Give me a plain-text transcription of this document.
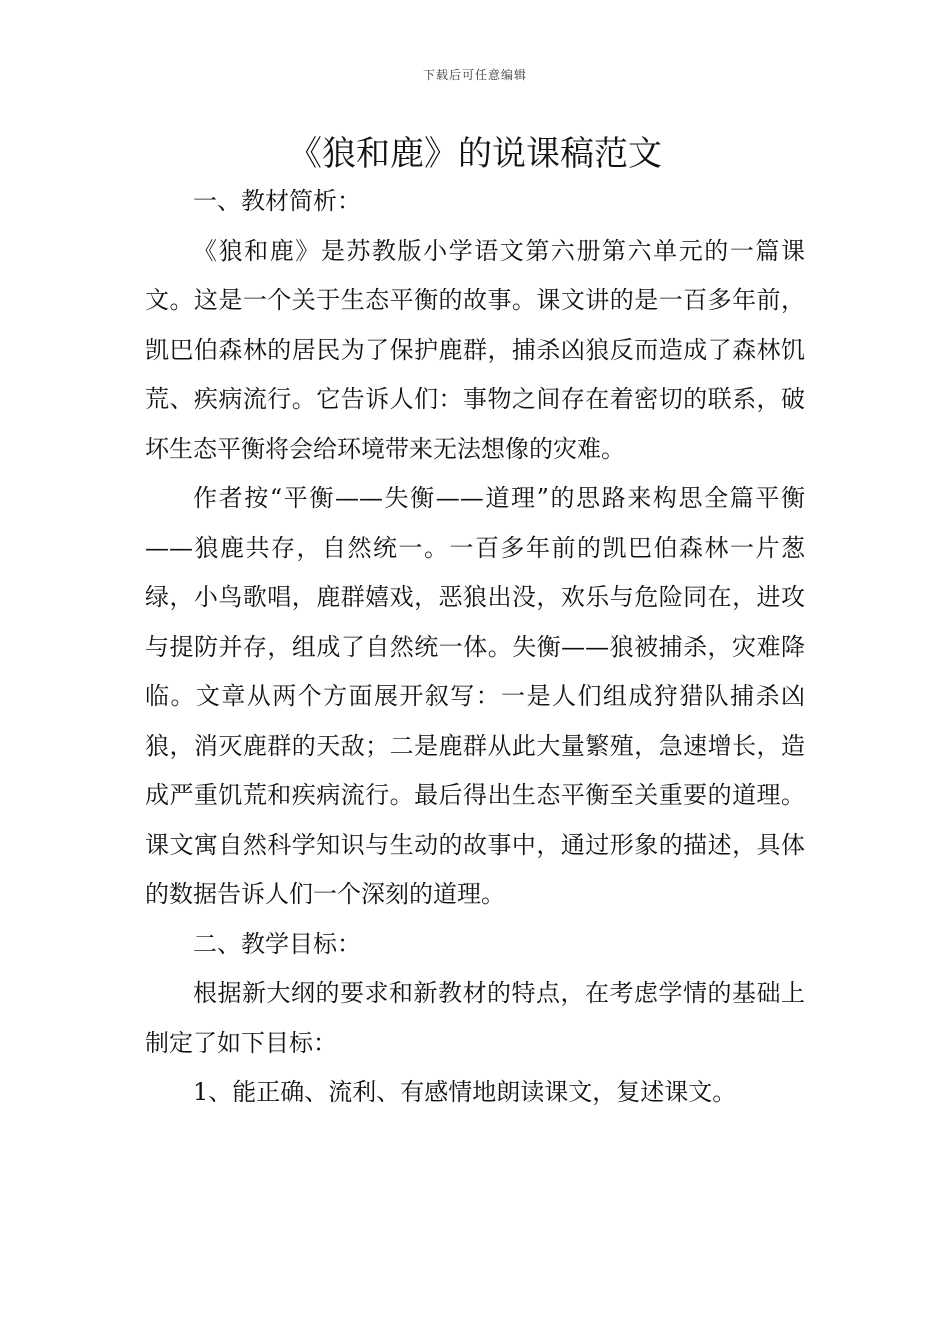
下载后可任意编辑
《狼和鹿》的说课稿范文

一、教材简析：

《狼和鹿》是苏教版小学语文第六册第六单元的一篇课文。这是一个关于生态平衡的故事。课文讲的是一百多年前，凯巴伯森林的居民为了保护鹿群，捕杀凶狼反而造成了森林饥荒、疾病流行。它告诉人们：事物之间存在着密切的联系，破坏生态平衡将会给环境带来无法想像的灾难。

作者按“平衡——失衡——道理”的思路来构思全篇平衡——狼鹿共存，自然统一。一百多年前的凯巴伯森林一片葱绿，小鸟歌唱，鹿群嬉戏，恶狼出没，欢乐与危险同在，进攻与提防并存，组成了自然统一体。失衡——狼被捕杀，灾难降临。文章从两个方面展开叙写：一是人们组成狩猎队捕杀凶狼，消灭鹿群的天敌；二是鹿群从此大量繁殖，急速增长，造成严重饥荒和疾病流行。最后得出生态平衡至关重要的道理。课文寓自然科学知识与生动的故事中，通过形象的描述，具体的数据告诉人们一个深刻的道理。

二、教学目标：

根据新大纲的要求和新教材的特点，在考虑学情的基础上制定了如下目标：

1、能正确、流利、有感情地朗读课文，复述课文。
